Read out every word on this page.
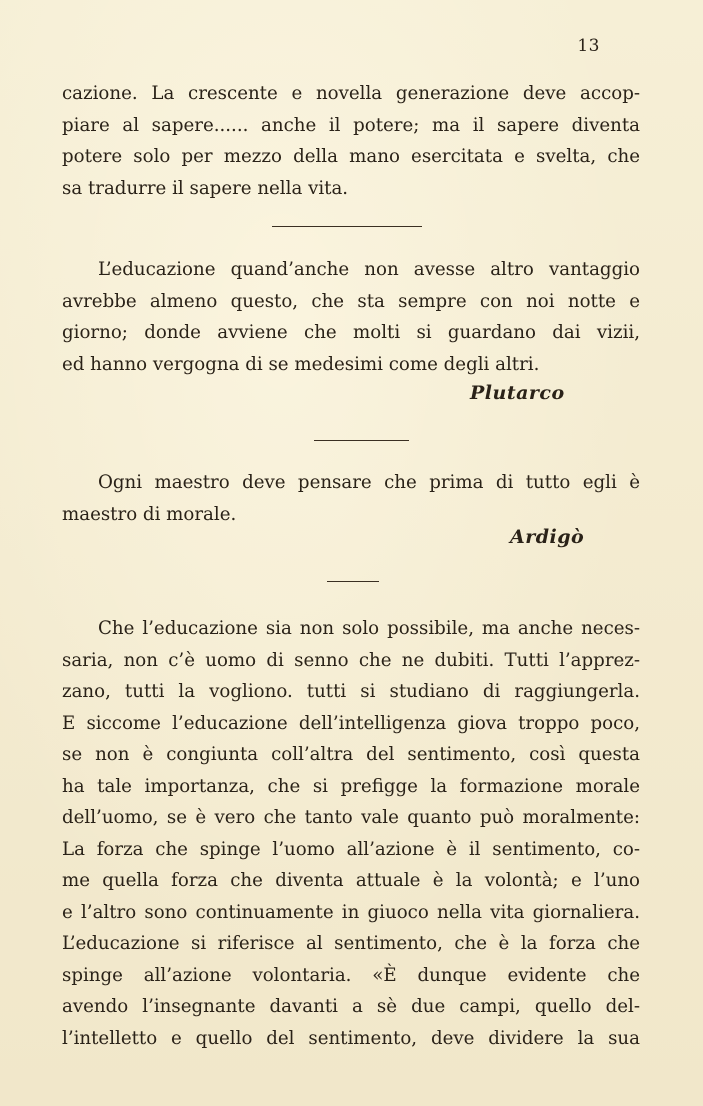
13
cazione. La crescente e novella generazione deve accop-
piare al sapere...... anche il potere; ma il sapere diventa
potere solo per mezzo della mano esercitata e svelta, che
sa tradurre il sapere nella vita.
L’educazione quand’anche non avesse altro vantaggio
avrebbe almeno questo, che sta sempre con noi notte e
giorno; donde avviene che molti si guardano dai vizii,
ed hanno vergogna di se medesimi come degli altri.
Plutarco
Ogni maestro deve pensare che prima di tutto egli è
maestro di morale.
Ardigò
Che l’educazione sia non solo possibile, ma anche neces-
saria, non c’è uomo di senno che ne dubiti. Tutti l’apprez-
zano, tutti la vogliono. tutti si studiano di raggiungerla.
E siccome l’educazione dell’intelligenza giova troppo poco,
se non è congiunta coll’altra del sentimento, così questa
ha tale importanza, che si prefigge la formazione morale
dell’uomo, se è vero che tanto vale quanto può moralmente:
La forza che spinge l’uomo all’azione è il sentimento, co-
me quella forza che diventa attuale è la volontà; e l’uno
e l’altro sono continuamente in giuoco nella vita giornaliera.
L’educazione si riferisce al sentimento, che è la forza che
spinge all’azione volontaria. «È dunque evidente che
avendo l’insegnante davanti a sè due campi, quello del-
l’intelletto e quello del sentimento, deve dividere la sua
